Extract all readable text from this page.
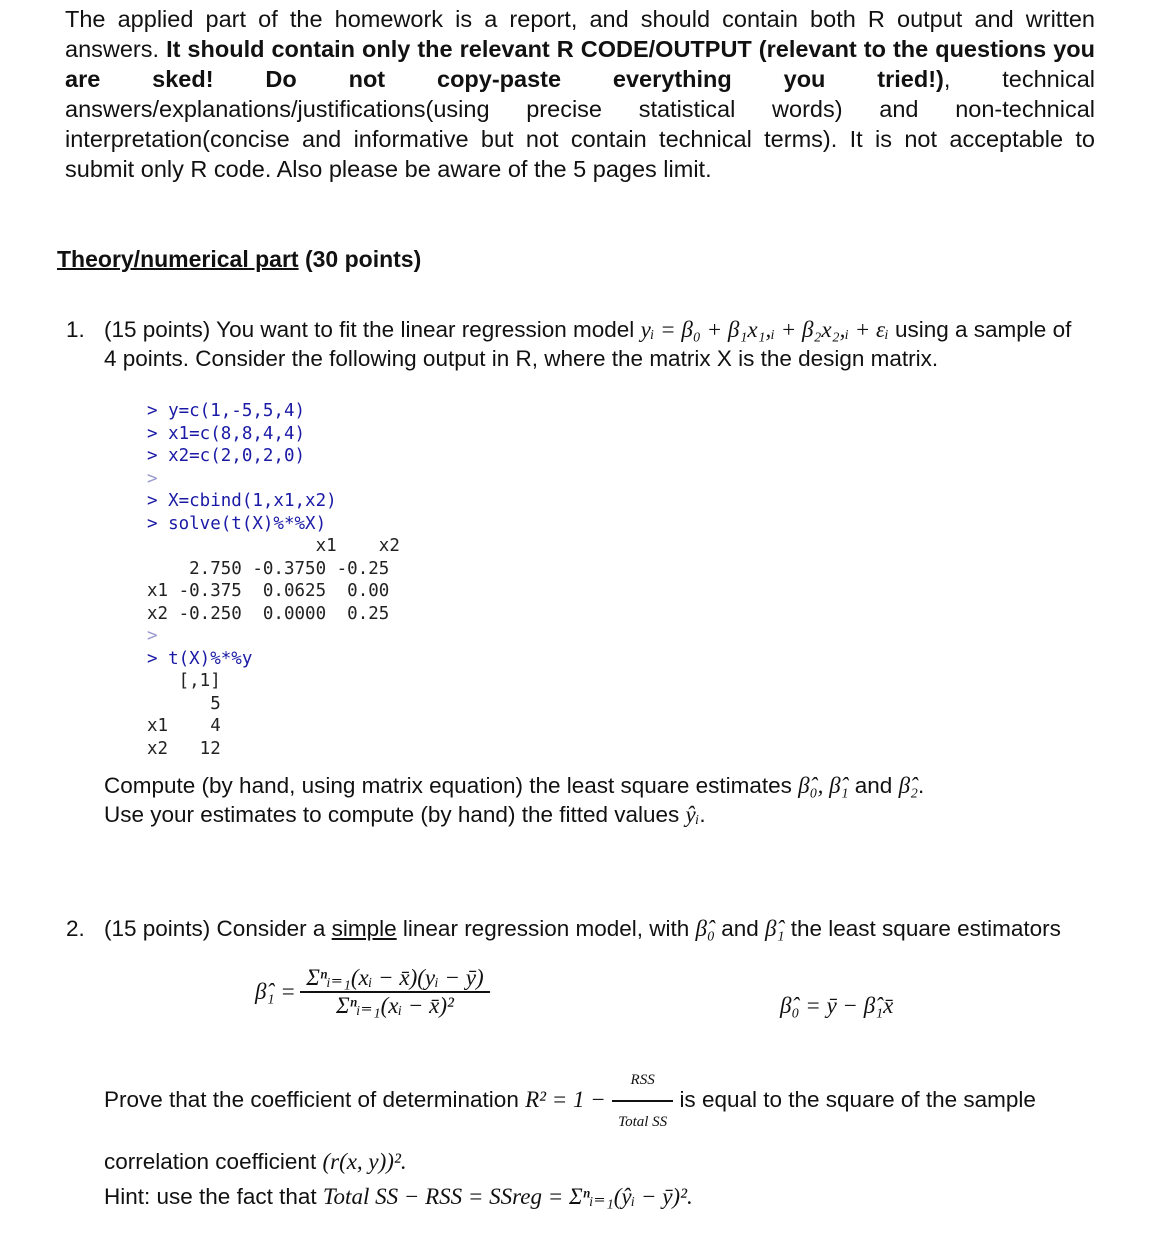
The applied part of the homework is a report, and should contain both R output and written answers. It should contain only the relevant R CODE/OUTPUT (relevant to the questions you are sked! Do not copy-paste everything you tried!), technical answers/explanations/justifications(using precise statistical words) and non-technical interpretation(concise and informative but not contain technical terms). It is not acceptable to submit only R code. Also please be aware of the 5 pages limit.
Theory/numerical part (30 points)
1. (15 points) You want to fit the linear regression model yᵢ = β₀ + β₁x₁,ᵢ + β₂x₂,ᵢ + εᵢ using a sample of 4 points. Consider the following output in R, where the matrix X is the design matrix.
> y=c(1,-5,5,4)
> x1=c(8,8,4,4)
> x2=c(2,0,2,0)
>
> X=cbind(1,x1,x2)
> solve(t(X)%*%X)
x1    x2
2.750 -0.3750 -0.25
x1 -0.375  0.0625  0.00
x2 -0.250  0.0000  0.25
>
> t(X)%*%y
[,1]
5
x1    4
x2   12
Compute (by hand, using matrix equation) the least square estimates β̂₀, β̂₁ and β̂₂.
Use your estimates to compute (by hand) the fitted values ŷᵢ.
2. (15 points) Consider a simple linear regression model, with β̂₀ and β̂₁ the least square estimators
β̂₁ = $\frac{\text{Σⁿᵢ₌₁(xᵢ − x̄)(yᵢ − ȳ)}}{\text{Σⁿᵢ₌₁(xᵢ − x̄)²}}$	β̂₀ = ȳ − β̂₁x̄
Prove that the coefficient of determination $R^2 = 1 - \frac{\text{RSS}}{\text{Total SS}}$ is equal to the square of the sample correlation coefficient (r(x, y))².
Hint: use the fact that Total SS − RSS = SSreg = Σⁿᵢ₌₁(ŷᵢ − ȳ)².
